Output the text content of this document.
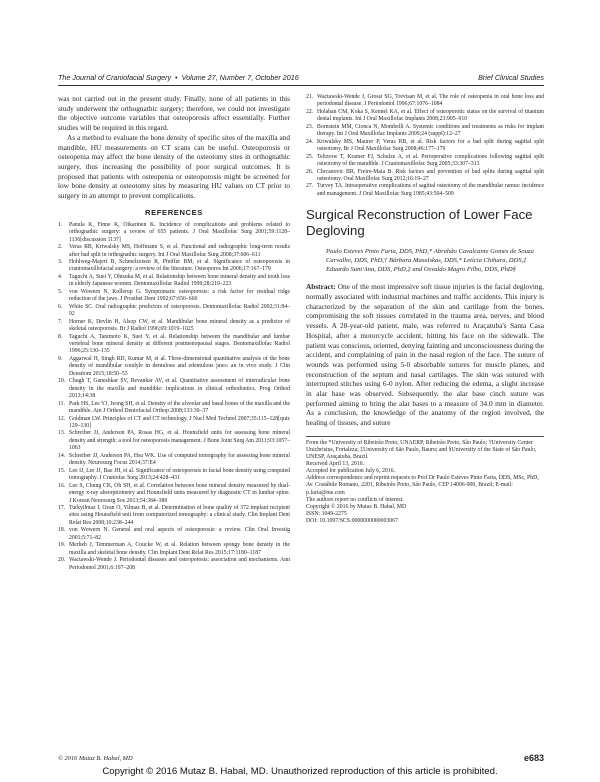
The Journal of Craniofacial Surgery  •  Volume 27, Number 7, October 2016	Brief Clinical Studies

was not carried out in the present study. Finally, none of all patients in this study underwent the orthognathic surgery; therefore, we could not investigate the objective outcome variables that osteoporosis affect essentially. Further studies will be required in this regard.

As a method to evaluate the bone density of specific sites of the maxilla and mandible, HU measurements on CT scans can be useful. Osteoporosis or osteopenia may affect the bone density of the osteotomy sites in orthognathic surgery, thus increasing the possibility of poor surgical outcomes. It is proposed that patients with osteopenia or osteoporosis might be screened for low bone density at osteotomy sites by measuring HU values on CT prior to surgery in an attempt to prevent complications.

REFERENCES
1. Panula K, Finne K, Oikarinen K. Incidence of complications and problems related to orthognathic surgery: a review of 655 patients. J Oral Maxillofac Surg 2001;59:1128–1136[discussion 1137]
2. Veras RB, Kriwalsky MS, Hoffmann S, et al. Functional and radiographic long-term results after bad split in orthognathic surgery. Int J Oral Maxillofac Surg 2008;37:606–611
3. Hohlweg-Majert B, Schmelzeisen R, Pfeiffer BM, et al. Significance of osteoporosis in craniomaxillofacial surgery: a review of the literature. Osteoporos Int 2006;17:167–179
4. Taguchi A, Suei Y, Ohtsuka M, et al. Relationship between bone mineral density and tooth loss in elderly Japanese women. Dentomaxillofac Radiol 1999;28:219–223
5. von Wowern N, Kollerup G. Symptomatic osteoporosis: a risk factor for residual ridge reduction of the jaws. J Prosthet Dent 1992;67:656–660
6. White SC. Oral radiographic predictors of osteoporosis. Dentomaxillofac Radiol 2002;31:84–92
7. Horner K, Devlin H, Alsop CW, et al. Mandibular bone mineral density as a predictor of skeletal osteoporosis. Br J Radiol 1996;69:1019–1025
8. Taguchi A, Tanimoto K, Suei Y, et al. Relationship between the mandibular and lumbar vertebral bone mineral density at different postmenopausal stages. Dentomaxillofac Radiol 1996;25:130–135
9. Aggarwal H, Singh RD, Kumar M, et al. Three-dimensional quantitative analysis of the bone density of mandibular condyle in dentulous and edentulous jaws: an in vivo study. J Clin Densitom 2015;18:50–53
10. Chugh T, Ganeshkar SV, Revankar AV, et al. Quantitative assessment of interradicular bone density in the maxilla and mandible: implications in clinical orthodontics. Prog Orthod 2013;14:38
11. Park HS, Lee YJ, Jeong SH, et al. Density of the alveolar and basal bones of the maxilla and the mandible. Am J Orthod Dentofacial Orthop 2008;133:30–37
12. Goldman LW. Principles of CT and CT technology. J Nucl Med Technol 2007;35:115–128[quiz 129–130]
13. Schreiber JJ, Anderson PA, Rosas HG, et al. Hounsfield units for assessing bone mineral density and strength: a tool for osteoporosis management. J Bone Joint Surg Am 2011;93:1057–1063
14. Schreiber JJ, Anderson PA, Hsu WK. Use of computed tomography for assessing bone mineral density. Neurosurg Focus 2014;37:E4
15. Lee IJ, Lee JJ, Bae JH, et al. Significance of osteoporosis in facial bone density using computed tomography. J Craniofac Surg 2013;24:428–431
16. Lee S, Chung CK, Oh SH, et al. Correlation between bone mineral density measured by dual-energy x-ray absorptiometry and Hounsfield units measured by diagnostic CT in lumbar spine. J Korean Neurosurg Soc 2013;54:384–389
17. Turkyilmaz I, Ozan O, Yilmaz B, et al. Determination of bone quality of 372 implant recipient sites using Hounsfield unit from computerized tomography: a clinical study. Clin Implant Dent Relat Res 2008;10:238–244
18. von Wowern N. General and oral aspects of osteoporosis: a review. Clin Oral Investig 2001;5:71–82
19. Merheb J, Temmerman A, Coucke W, et al. Relation between spongy bone density in the maxilla and skeletal bone density. Clin Implant Dent Relat Res 2015;17:1180–1187
20. Wactawski-Wende J. Periodontal diseases and osteoporosis: association and mechanisms. Ann Periodontol 2001;6:197–208
21. Wactawski-Wende J, Grossi SG, Trevisan M, et al. The role of osteopenia in oral bone loss and periodontal disease. J Periodontol 1996;67:1076–1084
22. Holahan CM, Koka S, Kennel KA, et al. Effect of osteoporotic status on the survival of titanium dental implants. Int J Oral Maxillofac Implants 2008;23:905–910
23. Bornstein MM, Cionca N, Mombelli A. Systemic conditions and treatments as risks for implant therapy. Int J Oral Maxillofac Implants 2009;24 (suppl):12–27
24. Kriwalsky MS, Maurer P, Veras RB, et al. Risk factors for a bad split during sagittal split osteotomy. Br J Oral Maxillofac Surg 2008;46:177–179
25. Teltzrow T, Kramer FJ, Schulze A, et al. Perioperative complications following sagittal split osteotomy of the mandible. J Craniomaxillofac Surg 2005;33:307–313
26. Chrcanovic BR, Freire-Maia B. Risk factors and prevention of bad splits during sagittal split osteotomy. Oral Maxillofac Surg 2012;16:19–27
27. Turvey TA. Intraoperative complications of sagittal osteotomy of the mandibular ramus: incidence and management. J Oral Maxillofac Surg 1985;43:504–509
Surgical Reconstruction of Lower Face Degloving
Paulo Esteves Pinto Faria, DDS, PhD,* Abrahão Cavalcante Gomes de Souza Carvalho, DDS, PhD,† Bárbara Masalskas, DDS,* Letícia Chihara, DDS,‡ Eduardo Sant'Ana, DDS, PhD,‡ and Osvaldo Magro Filho, DDS, PhD§
Abstract: One of the most impressive soft tissue injuries is the facial degloving, normally associated with industrial machines and traffic accidents. This injury is characterized by the separation of the skin and cartilage from the bones, compromising the soft tissues correlated in the trauma area, nerves, and blood vessels. A 28-year-old patient, male, was referred to Araçatuba's Santa Casa Hospital, after a motorcycle accident, hitting his face on the sidewalk. The patient was conscious, oriented, denying fainting and unconsciousness during the accident, and complaining of pain in the nasal region of the face. The suture of wounds was performed using 5-0 absorbable sutures for muscle planes, and reconstruction of the septum and nasal cartilages. The skin was sutured with interrupted stitches using 6-0 nylon. After reducing the edema, a slight increase in alar base was observed. Subsequently, the alar base cinch suture was performed aiming to bring the alar bases to a measure of 34.0 mm in diameter. As a conclusion, the knowledge of the anatomy of the region involved, the healing of tissues, and suture
From the *University of Ribeirão Preto, UNAERP, Ribeirão Preto, São Paulo; †University Center Unichristus, Fortaleza; ‡University of São Paulo, Bauru; and §University of the State of São Paulo, UNESP, Araçatuba, Brazil.
Received April 13, 2016.
Accepted for publication July 6, 2016.
Address correspondence and reprint requests to Prof Dr Paulo Esteves Pinto Faria, DDS, MSc, PhD, Av. Costábile Romano, 2201, Ribeirão Preto, São Paulo, CEP 14096-900, Brazil; E-mail: p.faria@me.com
The authors report no conflicts of interest.
Copyright © 2016 by Mutaz B. Habal, MD
ISSN: 1049-2275
DOI: 10.1097/SCS.0000000000003067
© 2016 Mutaz B. Habal, MD	e683
Copyright © 2016 Mutaz B. Habal, MD. Unauthorized reproduction of this article is prohibited.
